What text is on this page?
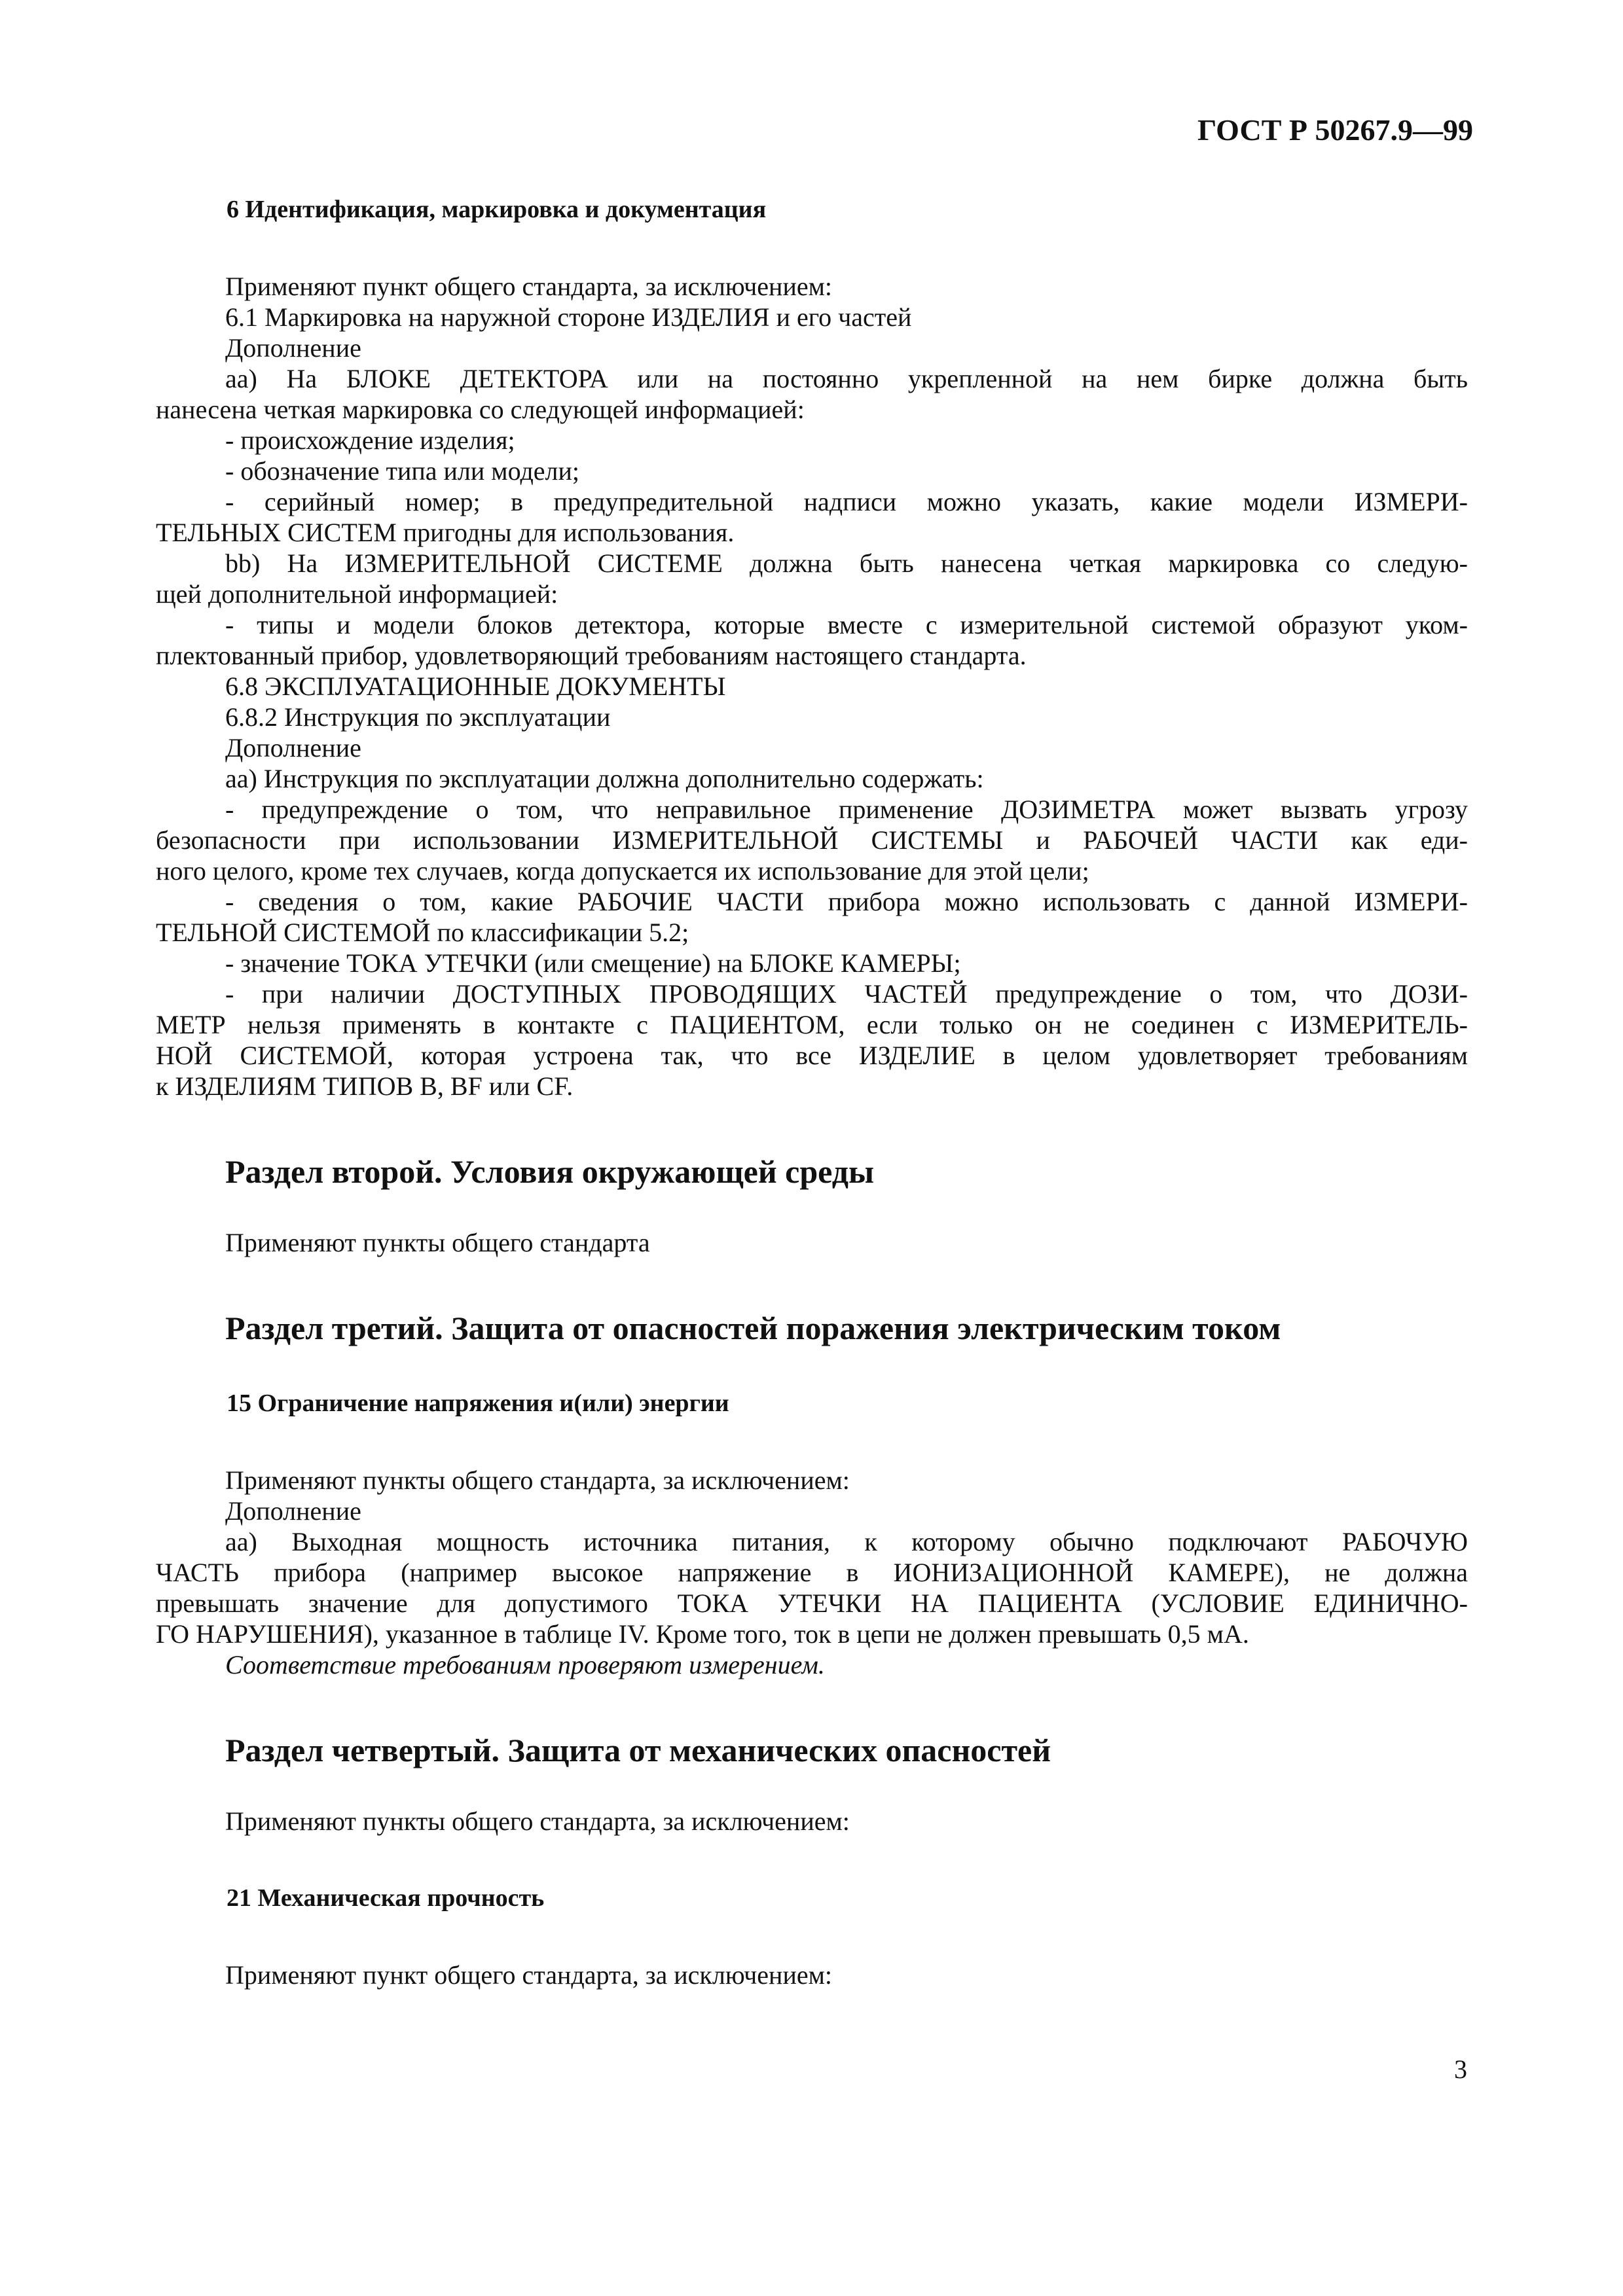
ГОСТ Р 50267.9—99
6 Идентификация, маркировка и документация
Применяют пункт общего стандарта, за исключением:
6.1 Маркировка на наружной стороне ИЗДЕЛИЯ и его частей
Дополнение
аа) На БЛОКЕ ДЕТЕКТОРА или на постоянно укрепленной на нем бирке должна быть
нанесена четкая маркировка со следующей информацией:
- происхождение изделия;
- обозначение типа или модели;
- серийный номер; в предупредительной надписи можно указать, какие модели ИЗМЕРИ-
ТЕЛЬНЫХ СИСТЕМ пригодны для использования.
bb) На ИЗМЕРИТЕЛЬНОЙ СИСТЕМЕ должна быть нанесена четкая маркировка со следую-
щей дополнительной информацией:
- типы и модели блоков детектора, которые вместе с измерительной системой образуют уком-
плектованный прибор, удовлетворяющий требованиям настоящего стандарта.
6.8 ЭКСПЛУАТАЦИОННЫЕ ДОКУМЕНТЫ
6.8.2 Инструкция по эксплуатации
Дополнение
аа) Инструкция по эксплуатации должна дополнительно содержать:
- предупреждение о том, что неправильное применение ДОЗИМЕТРА может вызвать угрозу
безопасности при использовании ИЗМЕРИТЕЛЬНОЙ СИСТЕМЫ и РАБОЧЕЙ ЧАСТИ как еди-
ного целого, кроме тех случаев, когда допускается их использование для этой цели;
- сведения о том, какие РАБОЧИЕ ЧАСТИ прибора можно использовать с данной ИЗМЕРИ-
ТЕЛЬНОЙ СИСТЕМОЙ по классификации 5.2;
- значение ТОКА УТЕЧКИ (или смещение) на БЛОКЕ КАМЕРЫ;
- при наличии ДОСТУПНЫХ ПРОВОДЯЩИХ ЧАСТЕЙ предупреждение о том, что ДОЗИ-
МЕТР нельзя применять в контакте с ПАЦИЕНТОМ, если только он не соединен с ИЗМЕРИТЕЛЬ-
НОЙ СИСТЕМОЙ, которая устроена так, что все ИЗДЕЛИЕ в целом удовлетворяет требованиям
к ИЗДЕЛИЯМ ТИПОВ B, BF или CF.
Раздел второй. Условия окружающей среды
Применяют пункты общего стандарта
Раздел третий. Защита от опасностей поражения электрическим током
15 Ограничение напряжения и(или) энергии
Применяют пункты общего стандарта, за исключением:
Дополнение
аа) Выходная мощность источника питания, к которому обычно подключают РАБОЧУЮ
ЧАСТЬ прибора (например высокое напряжение в ИОНИЗАЦИОННОЙ КАМЕРЕ), не должна
превышать значение для допустимого ТОКА УТЕЧКИ НА ПАЦИЕНТА (УСЛОВИЕ ЕДИНИЧНО-
ГО НАРУШЕНИЯ), указанное в таблице IV. Кроме того, ток в цепи не должен превышать 0,5 мА.
Соответствие требованиям проверяют измерением.
Раздел четвертый. Защита от механических опасностей
Применяют пункты общего стандарта, за исключением:
21 Механическая прочность
Применяют пункт общего стандарта, за исключением:
3
